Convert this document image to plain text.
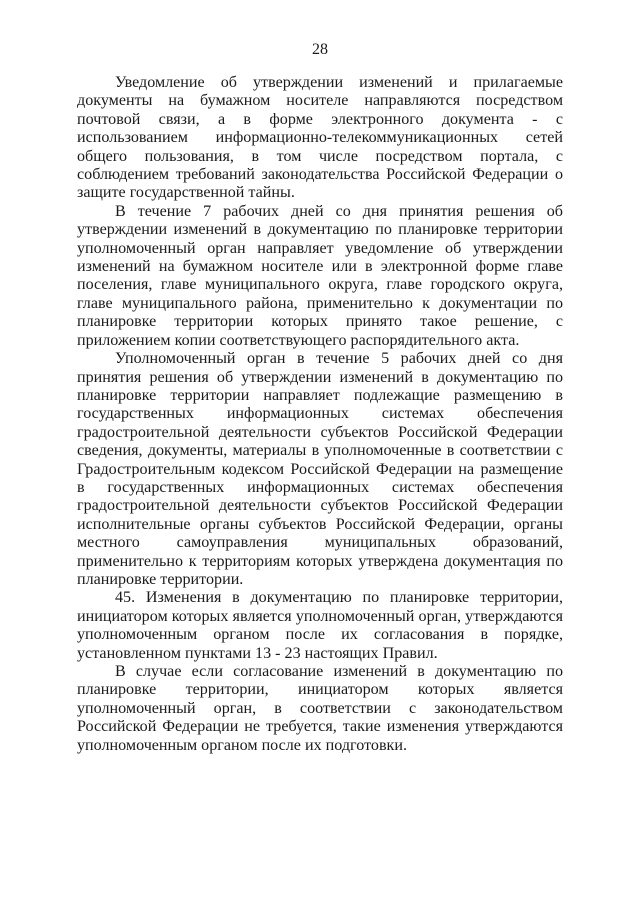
28

Уведомление об утверждении изменений и прилагаемые документы на бумажном носителе направляются посредством почтовой связи, а в форме электронного документа - с использованием информационно-телекоммуникационных сетей общего пользования, в том числе посредством портала, с соблюдением требований законодательства Российской Федерации о защите государственной тайны.

В течение 7 рабочих дней со дня принятия решения об утверждении изменений в документацию по планировке территории уполномоченный орган направляет уведомление об утверждении изменений на бумажном носителе или в электронной форме главе поселения, главе муниципального округа, главе городского округа, главе муниципального района, применительно к документации по планировке территории которых принято такое решение, с приложением копии соответствующего распорядительного акта.

Уполномоченный орган в течение 5 рабочих дней со дня принятия решения об утверждении изменений в документацию по планировке территории направляет подлежащие размещению в государственных информационных системах обеспечения градостроительной деятельности субъектов Российской Федерации сведения, документы, материалы в уполномоченные в соответствии с Градостроительным кодексом Российской Федерации на размещение в государственных информационных системах обеспечения градостроительной деятельности субъектов Российской Федерации исполнительные органы субъектов Российской Федерации, органы местного самоуправления муниципальных образований, применительно к территориям которых утверждена документация по планировке территории.

45. Изменения в документацию по планировке территории, инициатором которых является уполномоченный орган, утверждаются уполномоченным органом после их согласования в порядке, установленном пунктами 13 - 23 настоящих Правил.

В случае если согласование изменений в документацию по планировке территории, инициатором которых является уполномоченный орган, в соответствии с законодательством Российской Федерации не требуется, такие изменения утверждаются уполномоченным органом после их подготовки.
